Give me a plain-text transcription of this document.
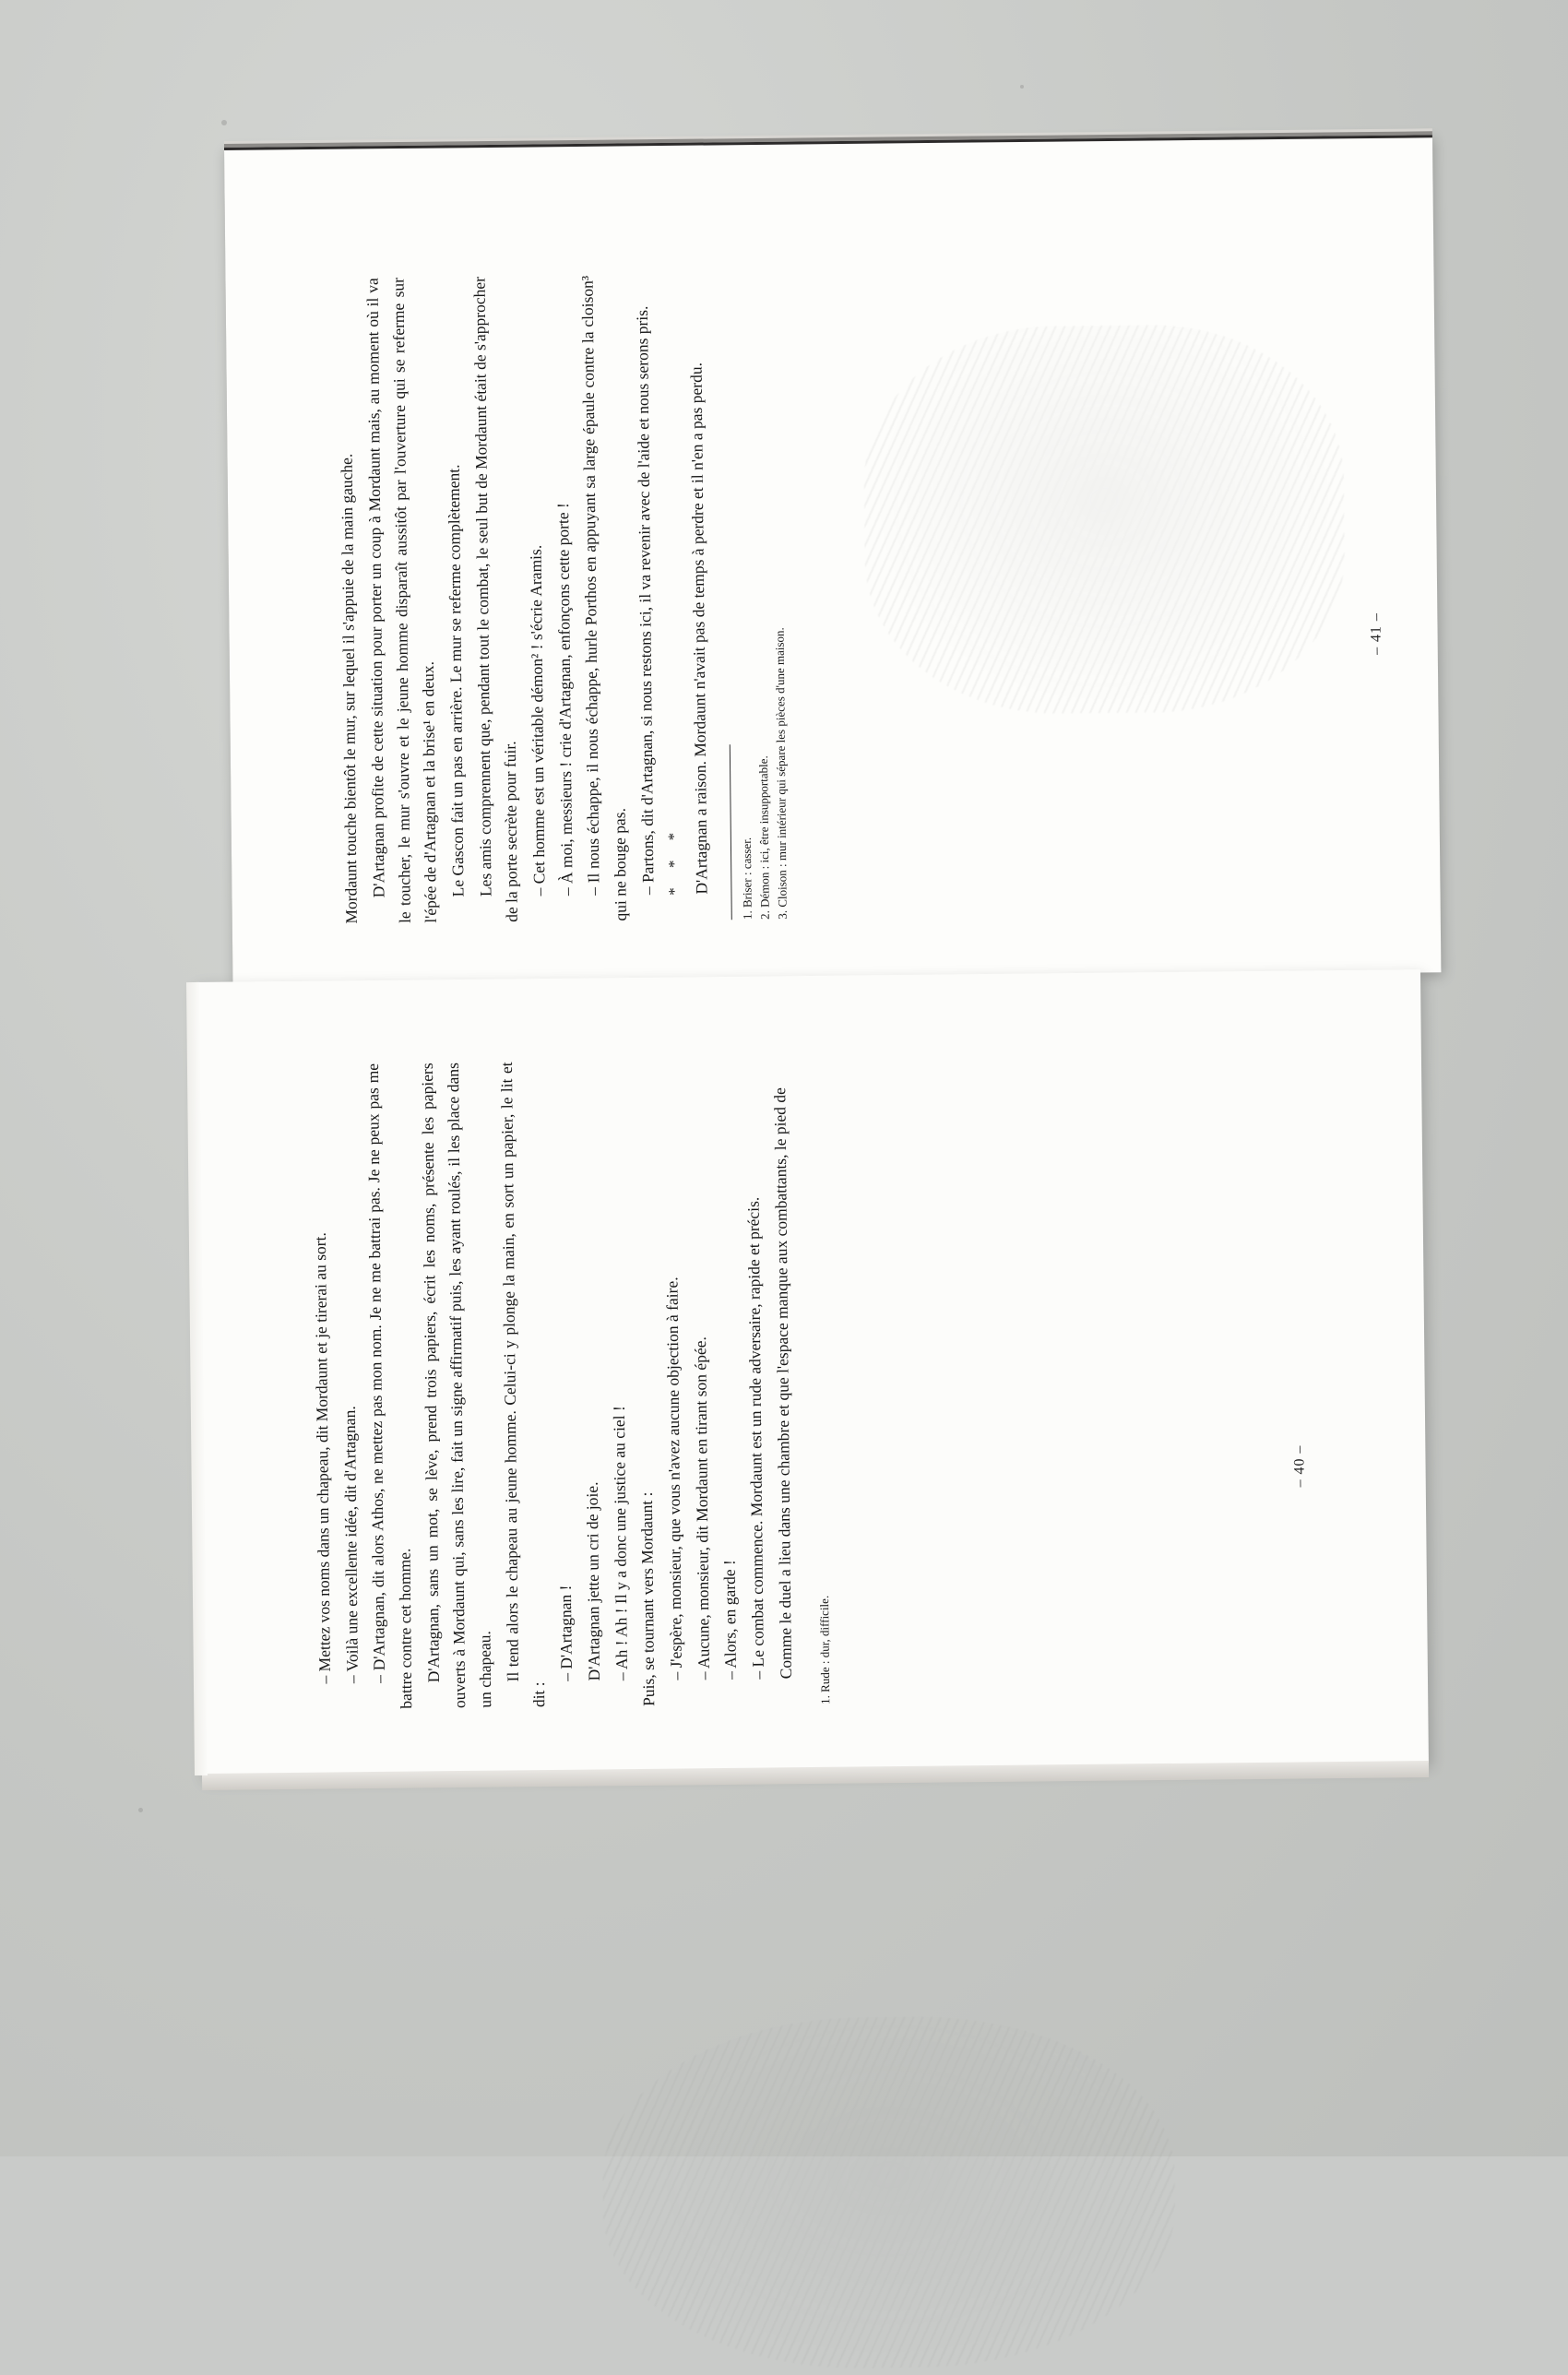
Mordaunt touche bientôt le mur, sur lequel il s'appuie de la main gauche. D'Artagnan profite de cette situation pour porter un coup à Mordaunt mais, au moment où il va le toucher, le mur s'ouvre et le jeune homme disparaît aussitôt par l'ouverture qui se referme sur l'épée de d'Artagnan et la brise¹ en deux. Le Gascon fait un pas en arrière. Le mur se referme complètement. Les amis comprennent que, pendant tout le combat, le seul but de Mordaunt était de s'approcher de la porte secrète pour fuir. – Cet homme est un véritable démon² ! s'écrie Aramis. – À moi, messieurs ! crie d'Artagnan, enfonçons cette porte ! – Il nous échappe, il nous échappe, hurle Porthos en appuyant sa large épaule contre la cloison³ qui ne bouge pas. – Partons, dit d'Artagnan, si nous restons ici, il va revenir avec de l'aide et nous serons pris. * * * D'Artagnan a raison. Mordaunt n'avait pas de temps à perdre et il n'en a pas perdu.	1. Briser : casser. 2. Démon : ici, être insupportable. 3. Cloison : mur intérieur qui sépare les pièces d'une maison.	– 41 –

– Mettez vos noms dans un chapeau, dit Mordaunt et je tirerai au sort. – Voilà une excellente idée, dit d'Artagnan. – D'Artagnan, dit alors Athos, ne mettez pas mon nom. Je ne me battrai pas. Je ne peux pas me battre contre cet homme. D'Artagnan, sans un mot, se lève, prend trois papiers, écrit les noms, présente les papiers ouverts à Mordaunt qui, sans les lire, fait un signe affirmatif puis, les ayant roulés, il les place dans un chapeau. Il tend alors le chapeau au jeune homme. Celui-ci y plonge la main, en sort un papier, le lit et dit :

– D'Artagnan ! D'Artagnan jette un cri de joie. – Ah ! Ah ! Il y a donc une justice au ciel ! Puis, se tournant vers Mordaunt : – J'espère, monsieur, que vous n'avez aucune objection à faire. – Aucune, monsieur, dit Mordaunt en tirant son épée. – Alors, en garde ! – Le combat commence. Mordaunt est un rude adversaire, rapide et précis. Comme le duel a lieu dans une chambre et que l'espace manque aux combattants, le pied de	1. Rude : dur, difficile.
– 40 –
